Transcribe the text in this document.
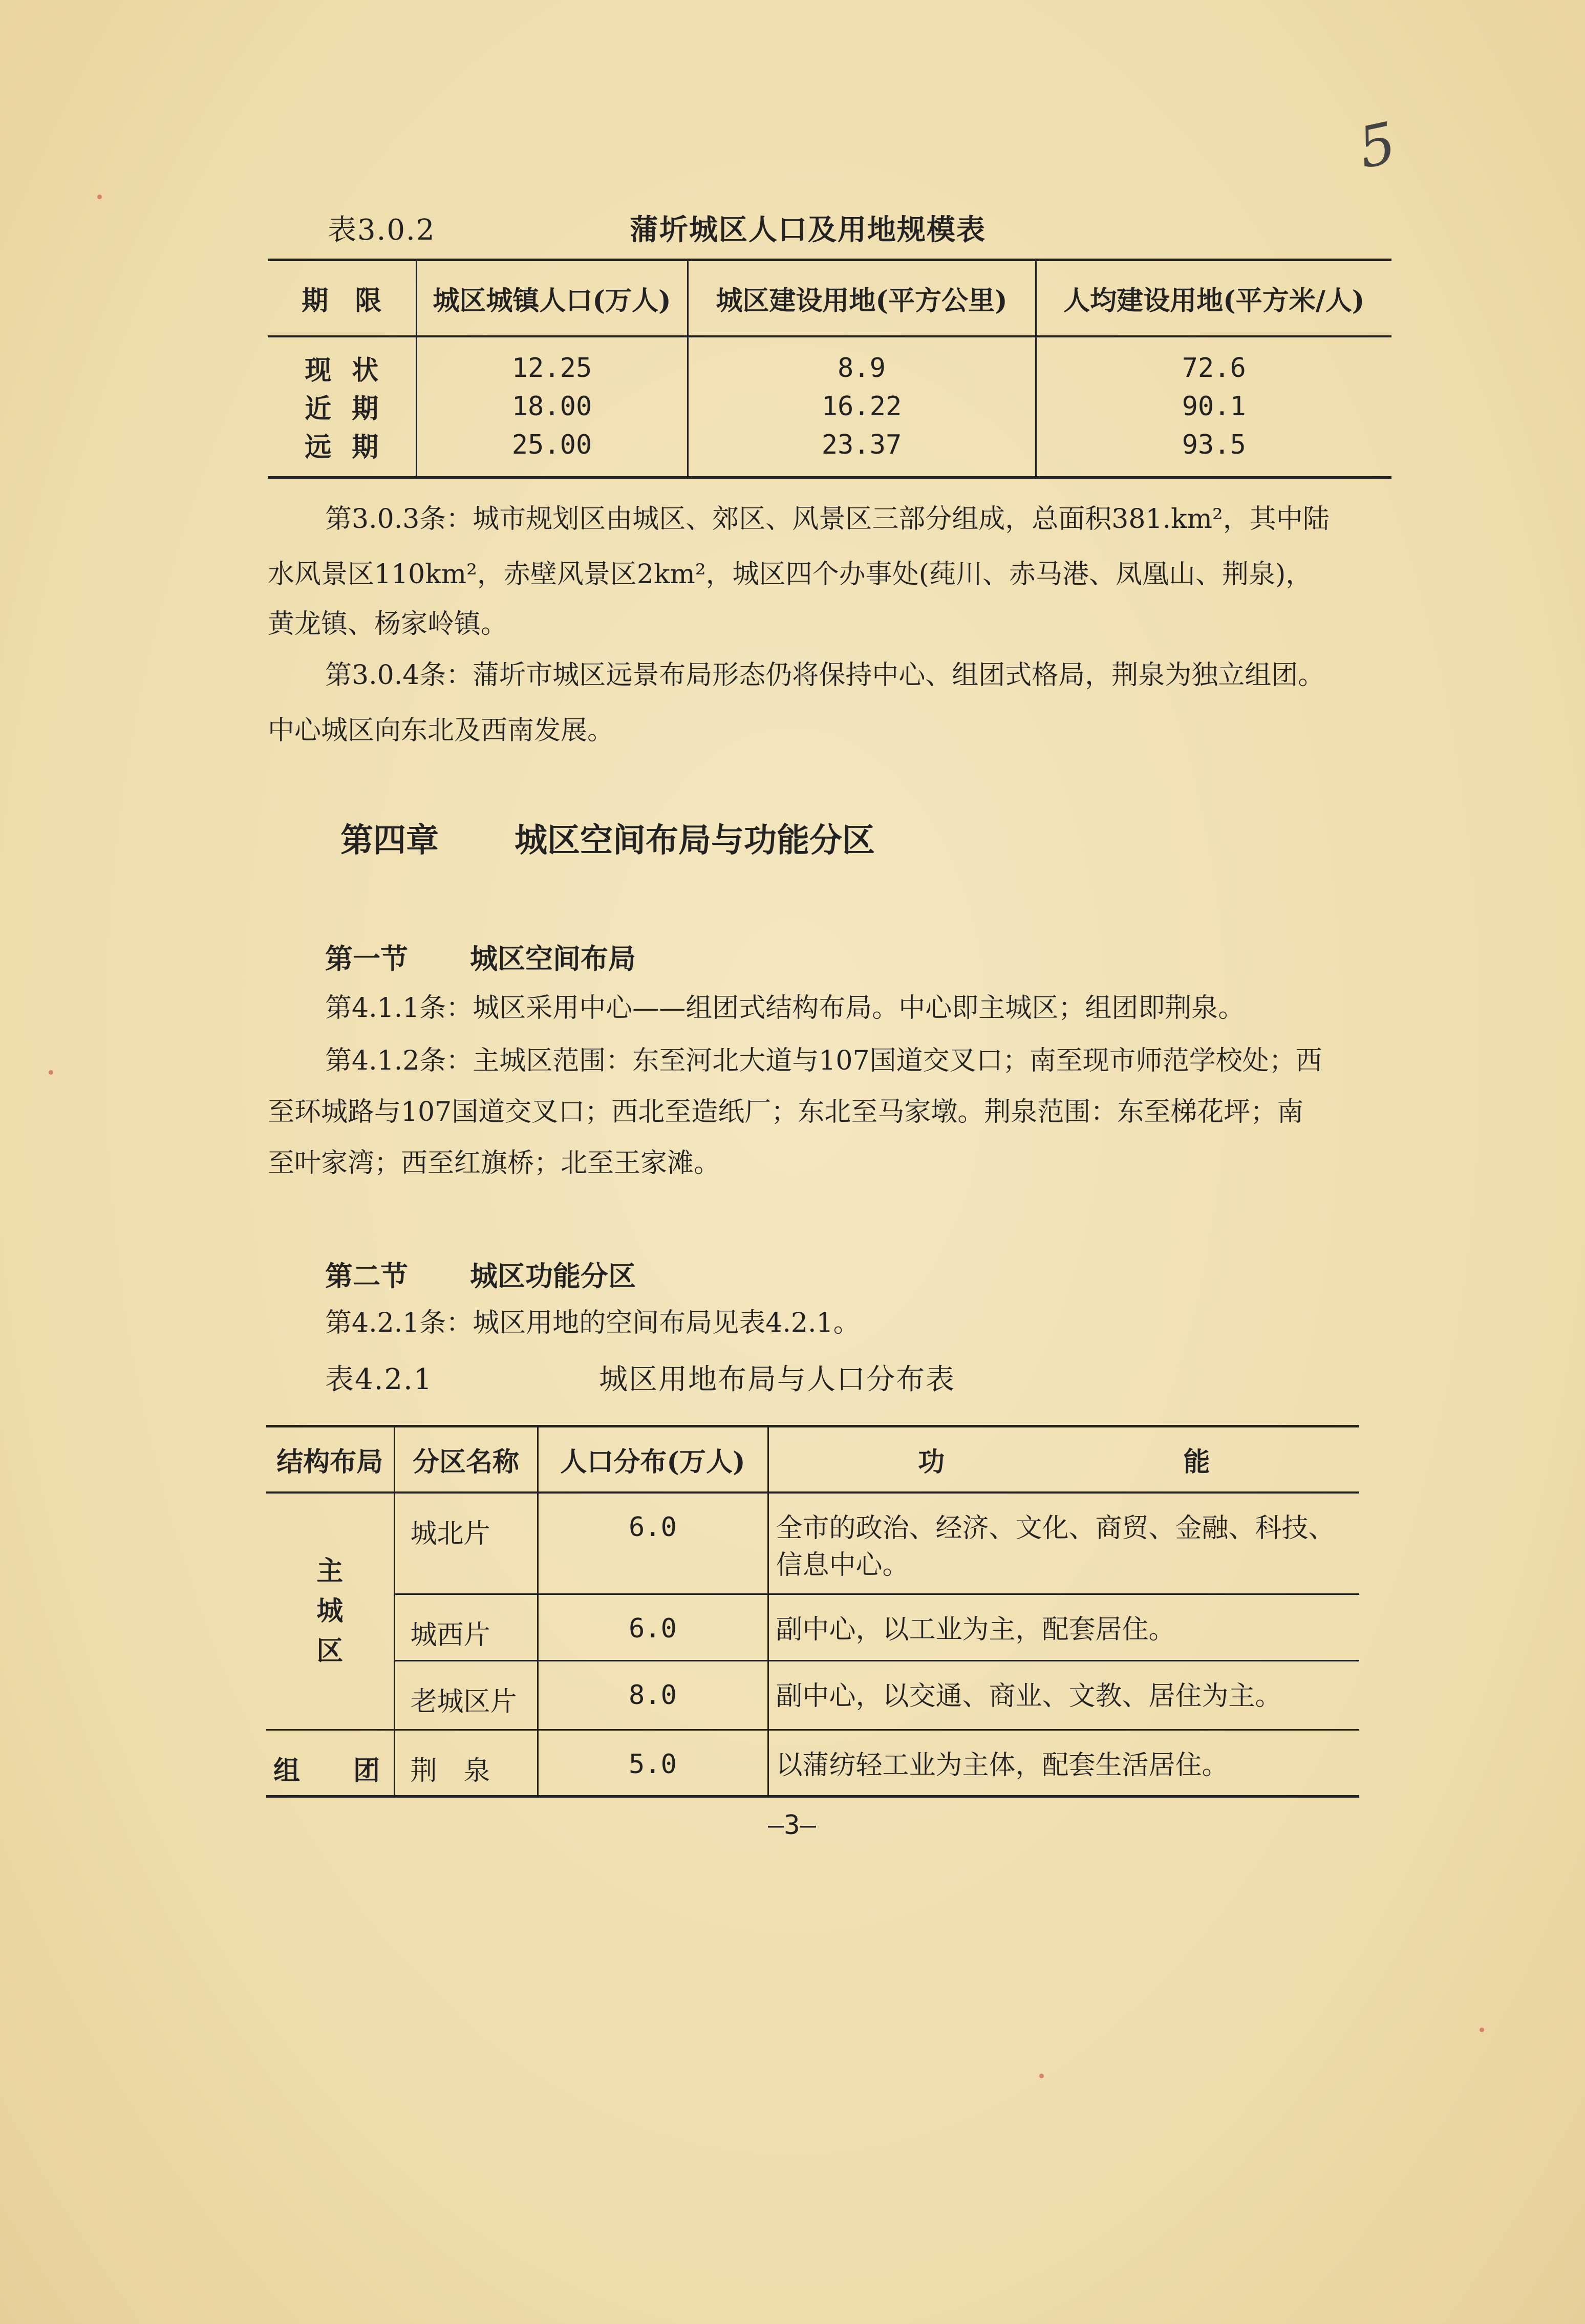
5
表3.0.2	蒲圻城区人口及用地规模表
期　限	城区城镇人口(万人)	城区建设用地(平方公里)	人均建设用地(平方米/人)
现状	12.25	8.9	72.6
近期	18.00	16.22	90.1
远期	25.00	23.37	93.5
第3.0.3条：城市规划区由城区、郊区、风景区三部分组成，总面积381.km²，其中陆
水风景区110km²，赤壁风景区2km²，城区四个办事处(莼川、赤马港、凤凰山、荆泉)，
黄龙镇、杨家岭镇。
第3.0.4条：蒲圻市城区远景布局形态仍将保持中心、组团式格局，荆泉为独立组团。
中心城区向东北及西南发展。
第四章 城区空间布局与功能分区
第一节 城区空间布局
第4.1.1条：城区采用中心——组团式结构布局。中心即主城区；组团即荆泉。
第4.1.2条：主城区范围：东至河北大道与107国道交叉口；南至现市师范学校处；西
至环城路与107国道交叉口；西北至造纸厂；东北至马家墩。荆泉范围：东至梯花坪；南
至叶家湾；西至红旗桥；北至王家滩。
第二节 城区功能分区
第4.2.1条：城区用地的空间布局见表4.2.1。
表4.2.1	城区用地布局与人口分布表
结构布局	分区名称	人口分布(万人)	功 能
主
城
区	城北片	6.0	全市的政治、经济、文化、商贸、金融、科技、信息中心。
	城西片	6.0	副中心，以工业为主，配套居住。
	老城区片	8.0	副中心，以交通、商业、文教、居住为主。
组　　团	荆　泉	5.0	以蒲纺轻工业为主体，配套生活居住。
—3—
